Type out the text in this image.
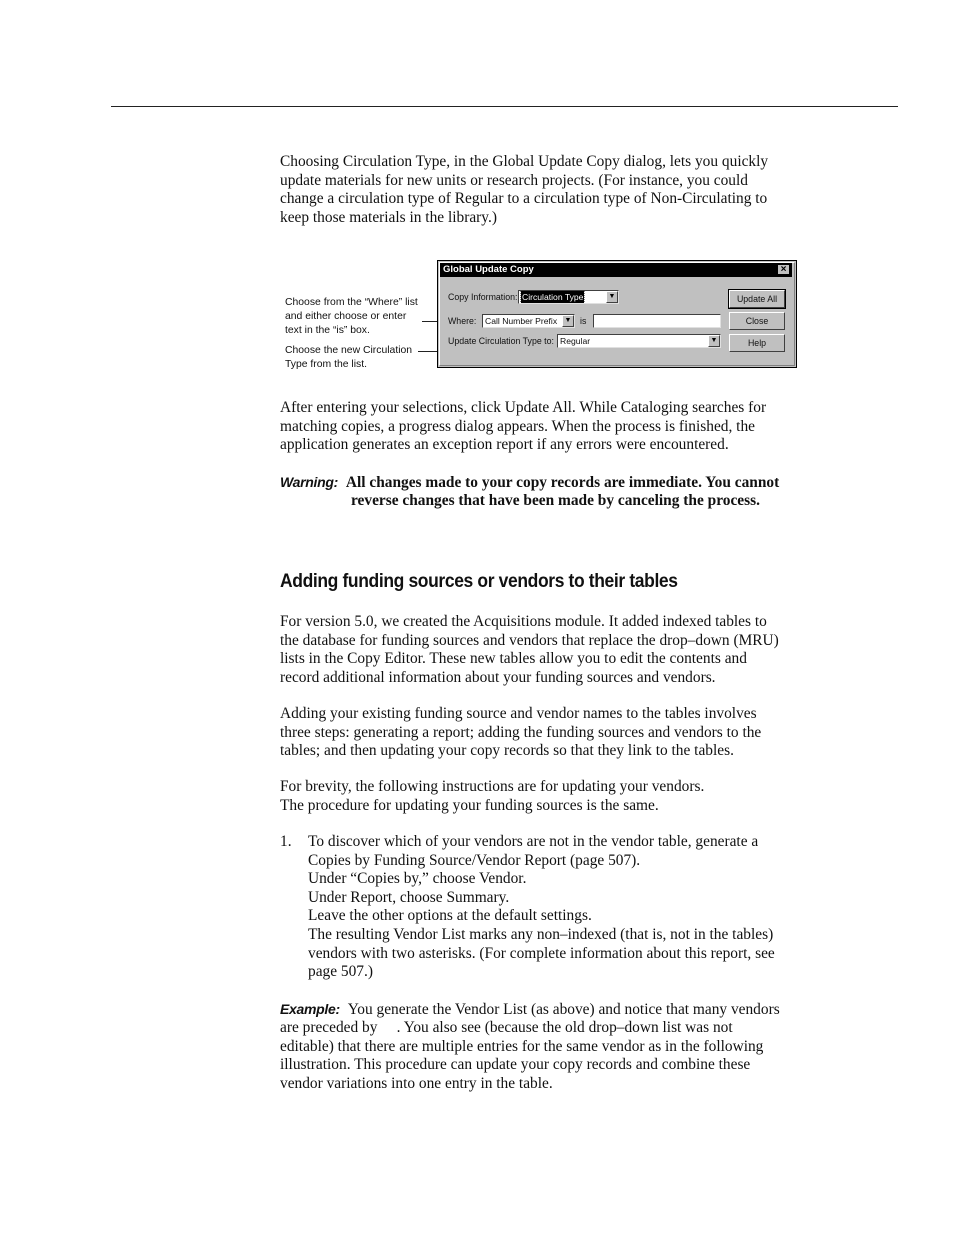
Choosing Circulation Type, in the Global Update Copy dialog, lets you quickly
update materials for new units or research projects. (For instance, you could
change a circulation type of Regular to a circulation type of Non-Circulating to
keep those materials in the library.)

Choose from the “Where” list
and either choose or enter
text in the “is” box.
Choose the new Circulation
Type from the list.
Global Update Copy	×
Copy Information: Circulation Type	▼
Where: Call Number Prefix	▼ is
Update Circulation Type to: Regular	▼
Update All
Close
Help

After entering your selections, click Update All. While Cataloging searches for
matching copies, a progress dialog appears. When the process is finished, the
application generates an exception report if any errors were encountered.

Warning: All changes made to your copy records are immediate. You cannot
reverse changes that have been made by canceling the process.
Adding funding sources or vendors to their tables

For version 5.0, we created the Acquisitions module. It added indexed tables to
the database for funding sources and vendors that replace the drop–down (MRU)
lists in the Copy Editor. These new tables allow you to edit the contents and
record additional information about your funding sources and vendors.

Adding your existing funding source and vendor names to the tables involves
three steps: generating a report; adding the funding sources and vendors to the
tables; and then updating your copy records so that they link to the tables.

For brevity, the following instructions are for updating your vendors.
The procedure for updating your funding sources is the same.

1. To discover which of your vendors are not in the vendor table, generate a
Copies by Funding Source/Vendor Report (page 507).
Under “Copies by,” choose Vendor.
Under Report, choose Summary.
Leave the other options at the default settings.
The resulting Vendor List marks any non–indexed (that is, not in the tables)
vendors with two asterisks. (For complete information about this report, see
page 507.)

Example: You generate the Vendor List (as above) and notice that many vendors

are preceded by     . You also see (because the old drop–down list was not
editable) that there are multiple entries for the same vendor as in the following
illustration. This procedure can update your copy records and combine these
vendor variations into one entry in the table.
